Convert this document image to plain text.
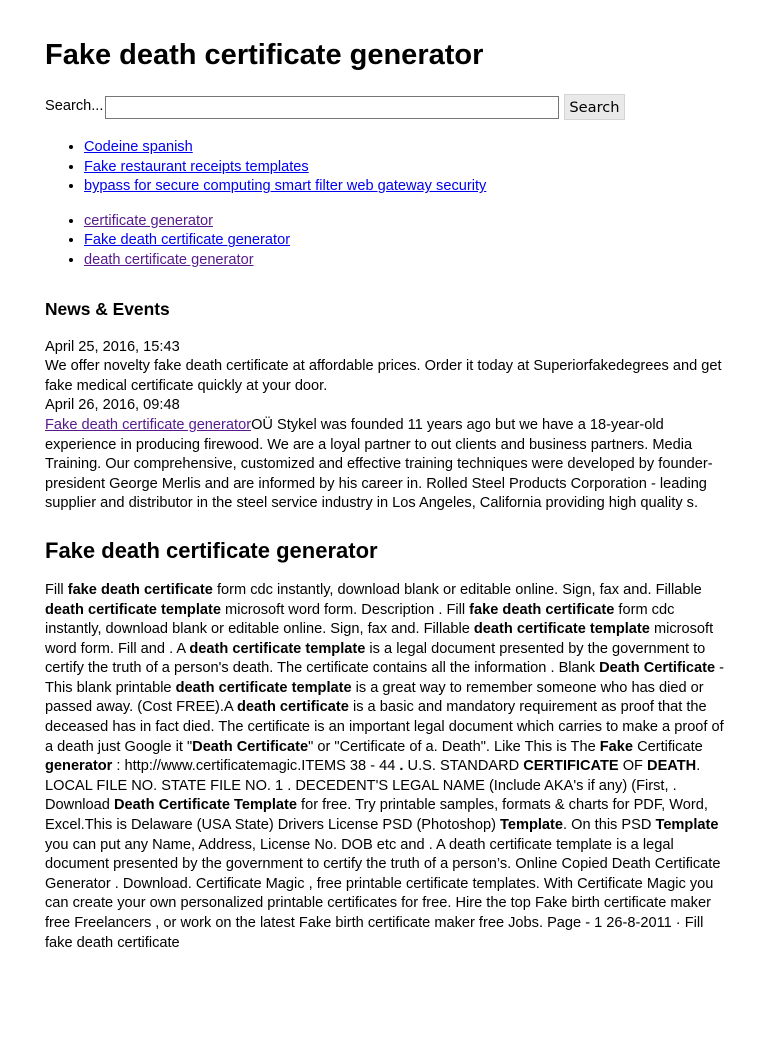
Fake death certificate generator
Search...	Search
• Codeine spanish
• Fake restaurant receipts templates
• bypass for secure computing smart filter web gateway security
• certificate generator
• Fake death certificate generator
• death certificate generator
News & Events
April 25, 2016, 15:43
We offer novelty fake death certificate at affordable prices. Order it today at Superiorfakedegrees and get fake medical certificate quickly at your door.
April 26, 2016, 09:48
Fake death certificate generatorOÜ Stykel was founded 11 years ago but we have a 18-year-old experience in producing firewood. We are a loyal partner to out clients and business partners. Media Training. Our comprehensive, customized and effective training techniques were developed by founder-president George Merlis and are informed by his career in. Rolled Steel Products Corporation - leading supplier and distributor in the steel service industry in Los Angeles, California providing high quality s.
Fake death certificate generator
Fill fake death certificate form cdc instantly, download blank or editable online. Sign, fax and. Fillable death certificate template microsoft word form. Description . Fill fake death certificate form cdc instantly, download blank or editable online. Sign, fax and. Fillable death certificate template microsoft word form. Fill and . A death certificate template is a legal document presented by the government to certify the truth of a person's death. The certificate contains all the information . Blank Death Certificate - This blank printable death certificate template is a great way to remember someone who has died or passed away. (Cost FREE).A death certificate is a basic and mandatory requirement as proof that the deceased has in fact died. The certificate is an important legal document which carries to make a proof of a death just Google it "Death Certificate" or "Certificate of a. Death". Like This is The Fake Certificate generator : http://www.certificatemagic.ITEMS 38 - 44 . U.S. STANDARD CERTIFICATE OF DEATH. LOCAL FILE NO. STATE FILE NO. 1 . DECEDENT'S LEGAL NAME (Include AKA's if any) (First, . Download Death Certificate Template for free. Try printable samples, formats & charts for PDF, Word, Excel.This is Delaware (USA State) Drivers License PSD (Photoshop) Template. On this PSD Template you can put any Name, Address, License No. DOB etc and . A death certificate template is a legal document presented by the government to certify the truth of a person’s. Online Copied Death Certificate Generator . Download. Certificate Magic , free printable certificate templates. With Certificate Magic you can create your own personalized printable certificates for free. Hire the top Fake birth certificate maker free Freelancers , or work on the latest Fake birth certificate maker free Jobs. Page - 1 26-8-2011 · Fill fake death certificate
